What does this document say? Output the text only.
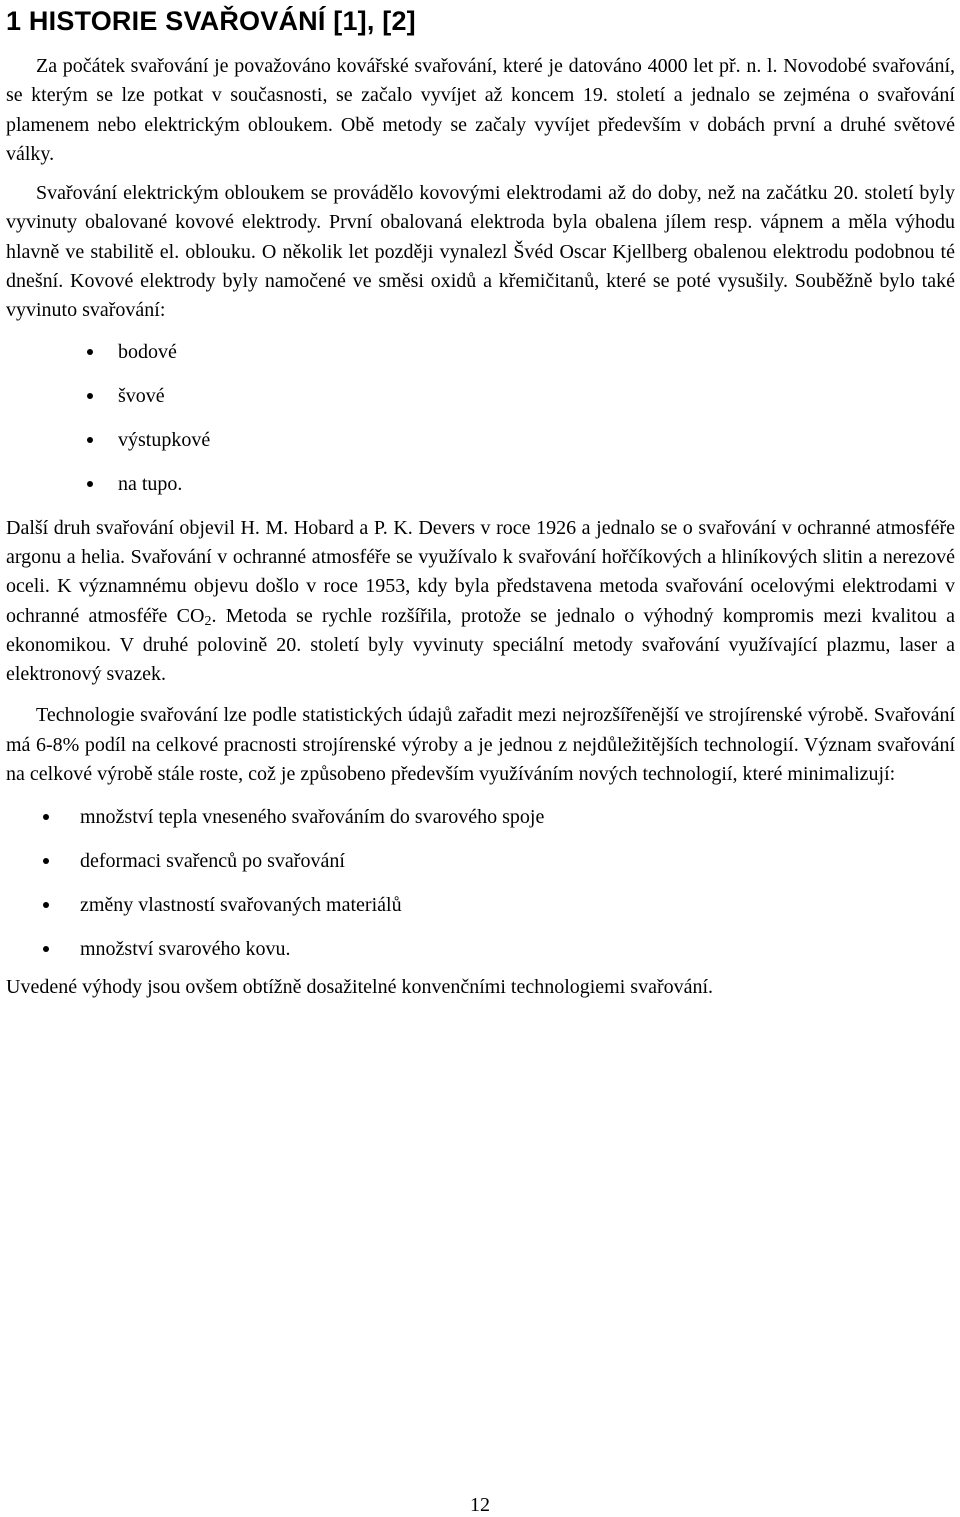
1 HISTORIE SVAŘOVÁNÍ [1], [2]

Za počátek svařování je považováno kovářské svařování, které je datováno 4000 let př. n. l. Novodobé svařování, se kterým se lze potkat v současnosti, se začalo vyvíjet až koncem 19. století a jednalo se zejména o svařování plamenem nebo elektrickým obloukem. Obě metody se začaly vyvíjet především v dobách první a druhé světové války.

Svařování elektrickým obloukem se provádělo kovovými elektrodami až do doby, než na začátku 20. století byly vyvinuty obalované kovové elektrody. První obalovaná elektroda byla obalena jílem resp. vápnem a měla výhodu hlavně ve stabilitě el. oblouku. O několik let později vynalezl Švéd Oscar Kjellberg obalenou elektrodu podobnou té dnešní. Kovové elektrody byly namočené ve směsi oxidů a křemičitanů, které se poté vysušily. Souběžně bylo také vyvinuto svařování:

bodové
švové
výstupkové
na tupo.

Další druh svařování objevil H. M. Hobard a P. K. Devers v roce 1926 a jednalo se o svařování v ochranné atmosféře argonu a helia. Svařování v ochranné atmosféře se využívalo k svařování hořčíkových a hliníkových slitin a nerezové oceli. K významnému objevu došlo v roce 1953, kdy byla představena metoda svařování ocelovými elektrodami v ochranné atmosféře $CO_2$. Metoda se rychle rozšířila, protože se jednalo o výhodný kompromis mezi kvalitou a ekonomikou. V druhé polovině 20. století byly vyvinuty speciální metody svařování využívající plazmu, laser a elektronový svazek.

Technologie svařování lze podle statistických údajů zařadit mezi nejrozšířenější ve strojírenské výrobě. Svařování má 6-8% podíl na celkové pracnosti strojírenské výroby a je jednou z nejdůležitějších technologií. Význam svařování na celkové výrobě stále roste, což je způsobeno především využíváním nových technologií, které minimalizují:

množství tepla vneseného svařováním do svarového spoje
deformaci svařenců po svařování
změny vlastností svařovaných materiálů
množství svarového kovu.

Uvedené výhody jsou ovšem obtížně dosažitelné konvenčními technologiemi svařování.

12
